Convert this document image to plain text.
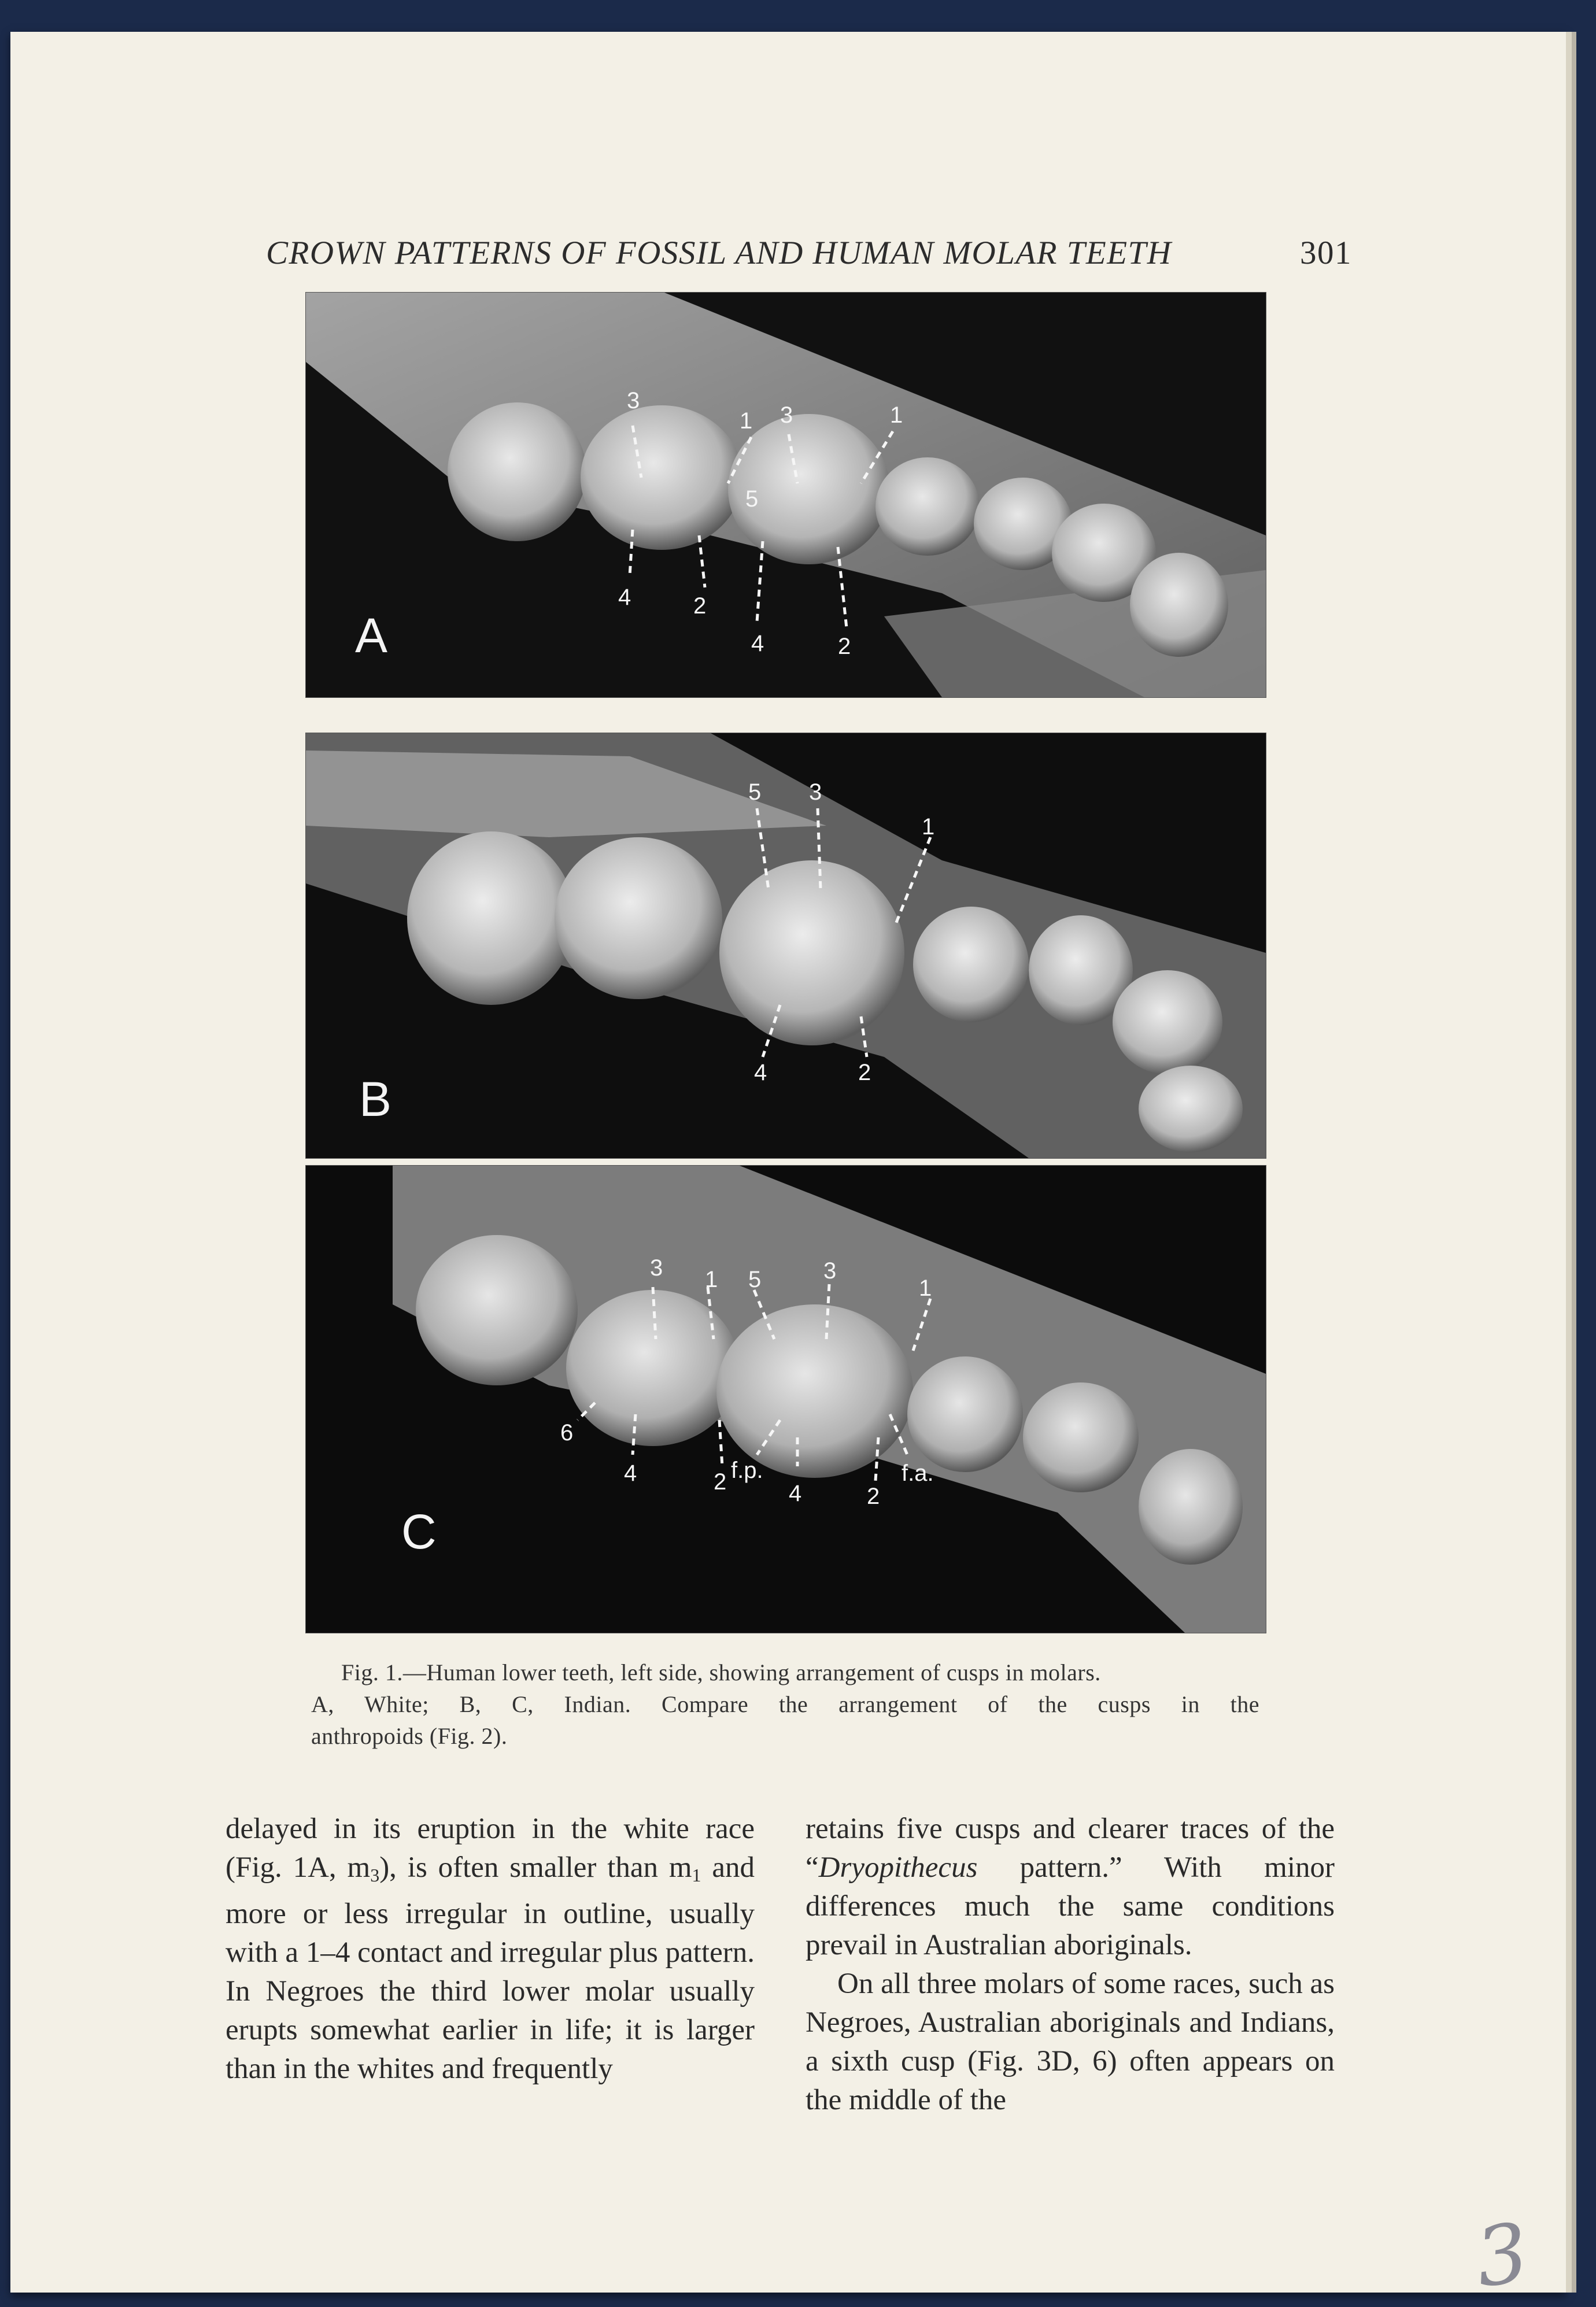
CROWN PATTERNS OF FOSSIL AND HUMAN MOLAR TEETH	301
3
1 3	1
5
4	2
4	2
A
5 3
1
4	2
B
3 1 5	3
1
6
4	2 f.p.
4	2
f.a.
C
Fig. 1.—Human lower teeth, left side, showing arrangement of cusps in molars.
A, White; B, C, Indian. Compare the arrangement of the cusps in the
anthropoids (Fig. 2).

delayed in its eruption in the white race (Fig. 1A, $m_3$), is often smaller than $m_1$ and more or less irregular in outline, usually with a 1–4 contact and irregular plus pattern. In Negroes the third lower molar usually erupts somewhat earlier in life; it is larger than in the whites and frequently

retains five cusps and clearer traces of the “Dryopithecus pattern.” With minor differences much the same conditions prevail in Australian aboriginals.

On all three molars of some races, such as Negroes, Australian aboriginals and Indians, a sixth cusp (Fig. 3D, 6) often appears on the middle of the

3
